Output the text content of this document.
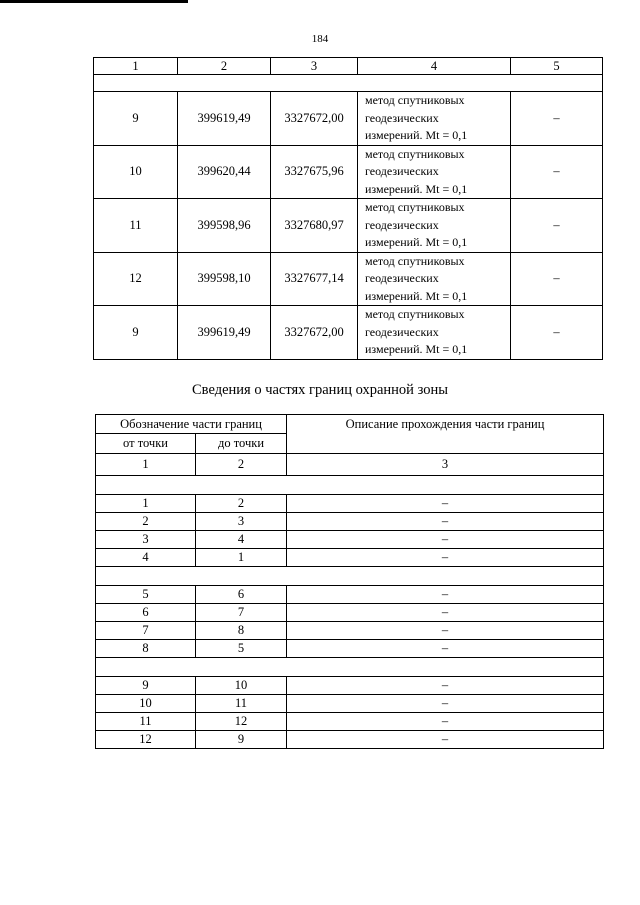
184
1	2	3	4	5

9	399619,49	3327672,00	метод спутниковых
геодезических
измерений. Mt = 0,1	–
10	399620,44	3327675,96	метод спутниковых
геодезических
измерений. Mt = 0,1	–
11	399598,96	3327680,97	метод спутниковых
геодезических
измерений. Mt = 0,1	–
12	399598,10	3327677,14	метод спутниковых
геодезических
измерений. Mt = 0,1	–
9	399619,49	3327672,00	метод спутниковых
геодезических
измерений. Mt = 0,1	–
Сведения о частях границ охранной зоны
Обозначение части границ		Описание прохождения части границ
от точки	до точки	
1	2	3

1	2	–
2	3	–
3	4	–
4	1	–

5	6	–
6	7	–
7	8	–
8	5	–

9	10	–
10	11	–
11	12	–
12	9	–
